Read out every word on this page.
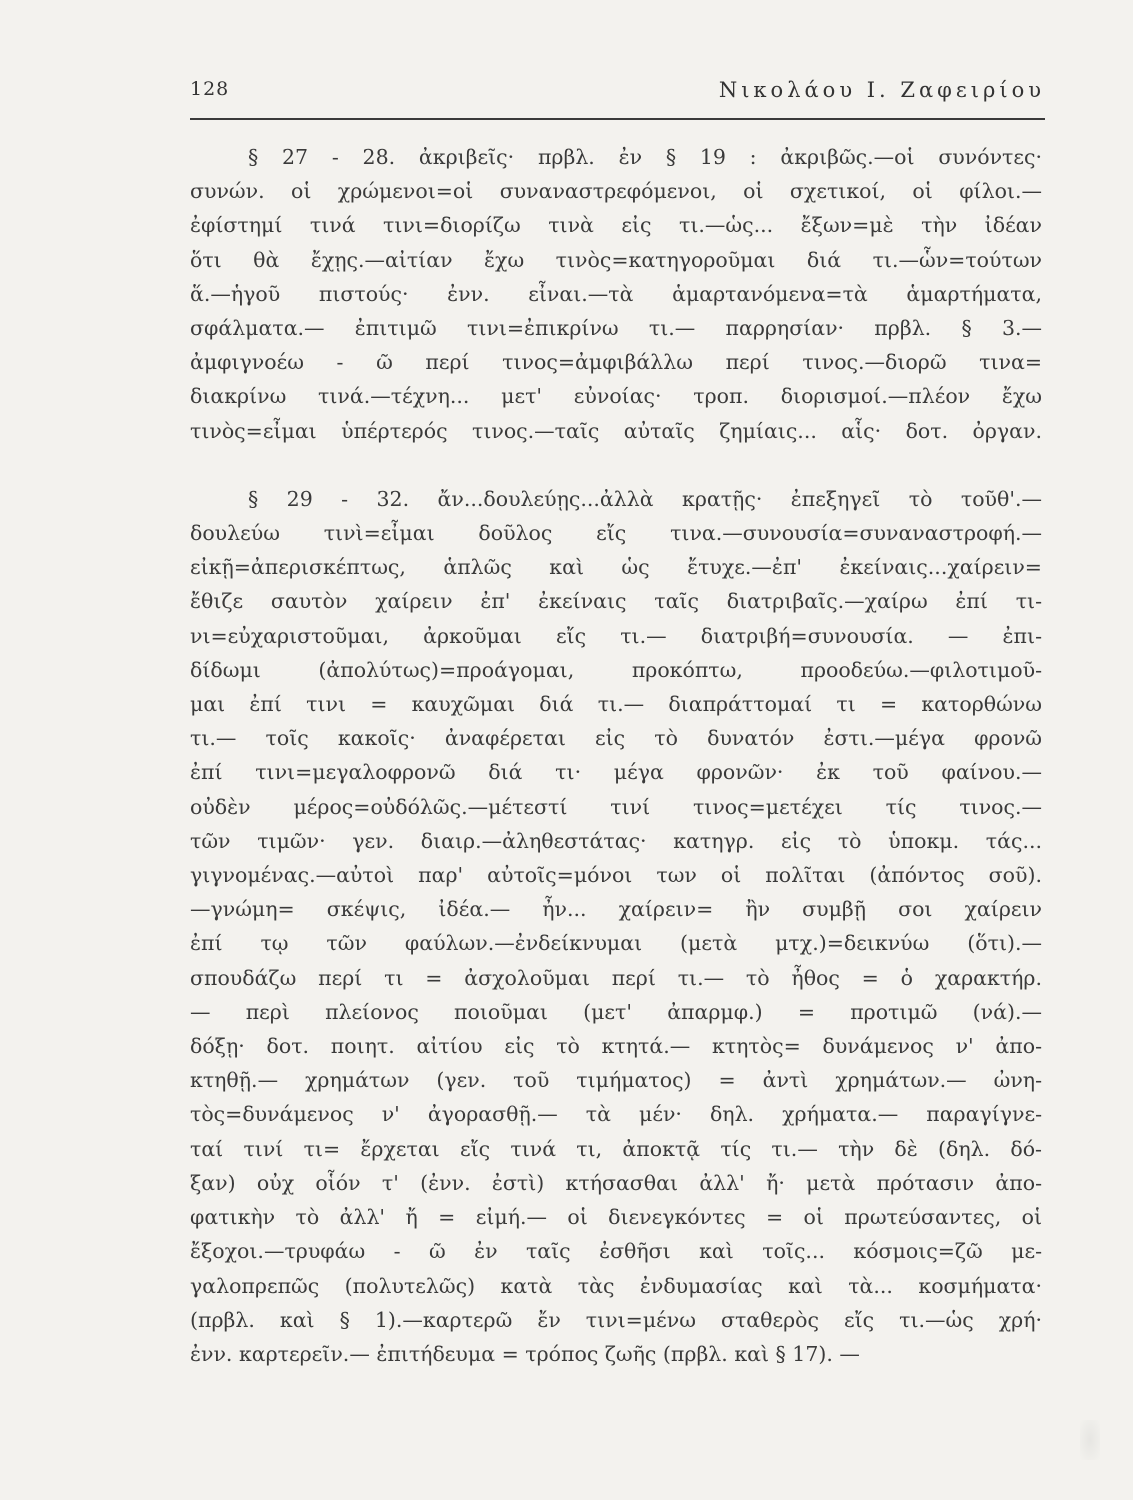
128	Νικολάου Ι. Ζαφειρίου

§ 27 - 28. ἀκριβεῖς· πρβλ. ἐν § 19 : ἀκριβῶς.—οἱ συνόντες·
συνών. οἱ χρώμενοι=οἱ συναναστρεφόμενοι, οἱ σχετικοί, οἱ φίλοι.—
ἐφίστημί τινά τινι=διορίζω τινὰ εἰς τι.—ὡς... ἔξων=μὲ τὴν ἰδέαν
ὅτι θὰ ἔχῃς.—αἰτίαν ἔχω τινὸς=κατηγοροῦμαι διά τι.—ὧν=τούτων
ἅ.—ἡγοῦ πιστούς· ἐνν. εἶναι.—τὰ ἁμαρτανόμενα=τὰ ἁμαρτήματα,
σφάλματα.— ἐπιτιμῶ τινι=ἐπικρίνω τι.— παρρησίαν· πρβλ. § 3.—
ἀμφιγνοέω - ῶ περί τινος=ἀμφιβάλλω περί τινος.—διορῶ τινα=
διακρίνω τινά.—τέχνη... μετ' εὐνοίας· τροπ. διορισμοί.—πλέον ἔχω
τινὸς=εἶμαι ὑπέρτερός τινος.—ταῖς αὐταῖς ζημίαις... αἷς· δοτ. ὀργαν.

§ 29 - 32. ἄν...δουλεύῃς...ἀλλὰ κρατῇς· ἐπεξηγεῖ τὸ τοῦθ'.—
δουλεύω τινὶ=εἶμαι δοῦλος εἴς τινα.—συνουσία=συναναστροφή.—
εἰκῇ=ἀπερισκέπτως, ἁπλῶς καὶ ὡς ἔτυχε.—ἐπ' ἐκείναις...χαίρειν=
ἔθιζε σαυτὸν χαίρειν ἐπ' ἐκείναις ταῖς διατριβαῖς.—χαίρω ἐπί τι-
νι=εὐχαριστοῦμαι, ἀρκοῦμαι εἴς τι.— διατριβή=συνουσία. — ἐπι-
δίδωμι (ἀπολύτως)=προάγομαι, προκόπτω, προοδεύω.—φιλοτιμοῦ-
μαι ἐπί τινι = καυχῶμαι διά τι.— διαπράττομαί τι = κατορθώνω
τι.— τοῖς κακοῖς· ἀναφέρεται εἰς τὸ δυνατόν ἐστι.—μέγα φρονῶ
ἐπί τινι=μεγαλοφρονῶ διά τι· μέγα φρονῶν· ἐκ τοῦ φαίνου.—
οὐδὲν μέρος=οὐδόλῶς.—μέτεστί τινί τινος=μετέχει τίς τινος.—
τῶν τιμῶν· γεν. διαιρ.—ἀληθεστάτας· κατηγρ. εἰς τὸ ὑποκμ. τάς...
γιγνομένας.—αὐτοὶ παρ' αὐτοῖς=μόνοι των οἱ πολῖται (ἀπόντος σοῦ).
—γνώμη= σκέψις, ἰδέα.— ἦν... χαίρειν= ἢν συμβῇ σοι χαίρειν
ἐπί τῳ τῶν φαύλων.—ἐνδείκνυμαι (μετὰ μτχ.)=δεικνύω (ὅτι).—
σπουδάζω περί τι = ἀσχολοῦμαι περί τι.— τὸ ἦθος = ὁ χαρακτήρ.
— περὶ πλείονος ποιοῦμαι (μετ' ἀπαρμφ.) = προτιμῶ (νά).—
δόξῃ· δοτ. ποιητ. αἰτίου εἰς τὸ κτητά.— κτητὸς= δυνάμενος ν' ἀπο-
κτηθῇ.— χρημάτων (γεν. τοῦ τιμήματος) = ἀντὶ χρημάτων.— ὠνη-
τὸς=δυνάμενος ν' ἀγορασθῇ.— τὰ μέν· δηλ. χρήματα.— παραγίγνε-
ταί τινί τι= ἔρχεται εἴς τινά τι, ἀποκτᾷ τίς τι.— τὴν δὲ (δηλ. δό-
ξαν) οὐχ οἷόν τ' (ἐνν. ἐστὶ) κτήσασθαι ἀλλ' ἤ· μετὰ πρότασιν ἀπο-
φατικὴν τὸ ἀλλ' ἤ = εἰμή.— οἱ διενεγκόντες = οἱ πρωτεύσαντες, οἱ
ἔξοχοι.—τρυφάω - ῶ ἐν ταῖς ἐσθῆσι καὶ τοῖς... κόσμοις=ζῶ με-
γαλοπρεπῶς (πολυτελῶς) κατὰ τὰς ἐνδυμασίας καὶ τὰ... κοσμήματα·
(πρβλ. καὶ § 1).—καρτερῶ ἔν τινι=μένω σταθερὸς εἴς τι.—ὡς χρή·
ἐνν. καρτερεῖν.— ἐπιτήδευμα = τρόπος ζωῆς (πρβλ. καὶ § 17). —
